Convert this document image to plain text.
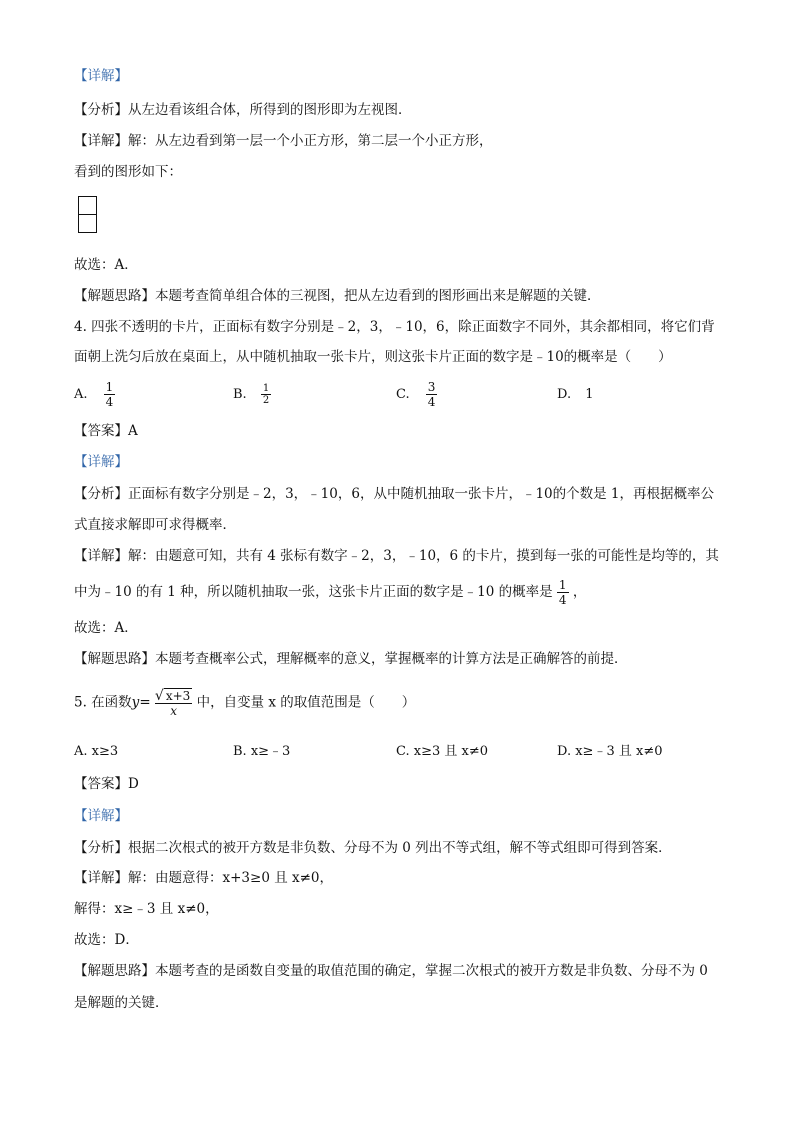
【详解】
【分析】从左边看该组合体，所得到的图形即为左视图．
【详解】解：从左边看到第一层一个小正方形，第二层一个小正方形，
看到的图形如下：
故选：A．
【解题思路】本题考查简单组合体的三视图，把从左边看到的图形画出来是解题的关键．
4. 四张不透明的卡片，正面标有数字分别是﹣2，3，﹣10，6，除正面数字不同外，其余都相同，将它们背
面朝上洗匀后放在桌面上，从中随机抽取一张卡片，则这张卡片正面的数字是﹣10的概率是（　　）
A. $\frac{1}{4}$	B. $\frac{1}{2}$	C. $\frac{3}{4}$	D. 1
【答案】A
【详解】
【分析】正面标有数字分别是﹣2，3，﹣10，6，从中随机抽取一张卡片，﹣10的个数是 1，再根据概率公
式直接求解即可求得概率．
【详解】解：由题意可知，共有 4 张标有数字﹣2，3，﹣10，6 的卡片，摸到每一张的可能性是均等的，其
中为﹣10 的有 1 种，所以随机抽取一张，这张卡片正面的数字是﹣10 的概率是 $\frac{1}{4}$ ，
故选：A．
【解题思路】本题考查概率公式，理解概率的意义，掌握概率的计算方法是正确解答的前提．
5. 在函数$y= \frac{√ x+3}{x}$ 中，自变量 x 的取值范围是（　　）
A. x≥3	B. x≥﹣3	C. x≥3 且 x≠0	D. x≥﹣3 且 x≠0
【答案】D
【详解】
【分析】根据二次根式的被开方数是非负数、分母不为 0 列出不等式组，解不等式组即可得到答案．
【详解】解：由题意得：x+3≥0 且 x≠0，
解得：x≥﹣3 且 x≠0，
故选：D．
【解题思路】本题考查的是函数自变量的取值范围的确定，掌握二次根式的被开方数是非负数、分母不为 0
是解题的关键．
